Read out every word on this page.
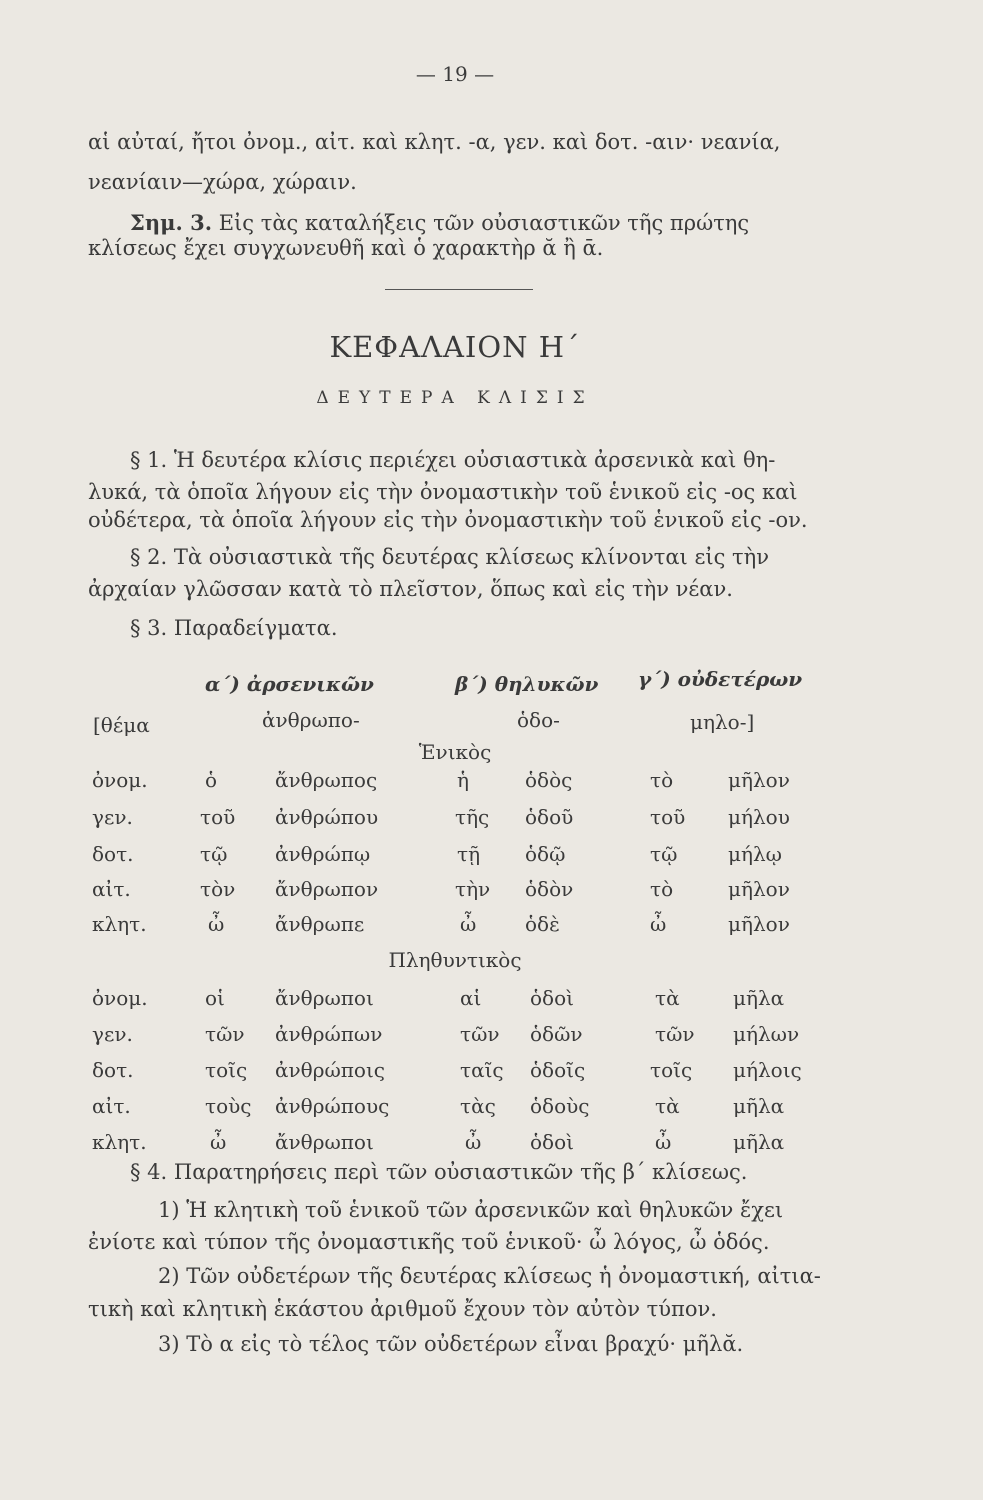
— 19 —
αἱ αὐταί, ἤτοι ὀνομ., αἰτ. καὶ κλητ. -α, γεν. καὶ δοτ. -αιν· νεανία,
νεανίαιν—χώρα, χώραιν.
Σημ. 3. Εἰς τὰς καταλήξεις τῶν οὐσιαστικῶν τῆς πρώτης
κλίσεως ἔχει συγχωνευθῆ καὶ ὁ χαρακτὴρ ᾰ ἢ ᾱ.
ΚΕΦΑΛΑΙΟΝ Η΄
ΔΕΥΤΕΡΑ ΚΛΙΣΙΣ
§ 1. Ἡ δευτέρα κλίσις περιέχει οὐσιαστικὰ ἀρσενικὰ καὶ θη-
λυκά, τὰ ὁποῖα λήγουν εἰς τὴν ὀνομαστικὴν τοῦ ἑνικοῦ εἰς -ος καὶ
οὐδέτερα, τὰ ὁποῖα λήγουν εἰς τὴν ὀνομαστικὴν τοῦ ἑνικοῦ εἰς -ον.
§ 2. Τὰ οὐσιαστικὰ τῆς δευτέρας κλίσεως κλίνονται εἰς τὴν
ἀρχαίαν γλῶσσαν κατὰ τὸ πλεῖστον, ὅπως καὶ εἰς τὴν νέαν.
§ 3. Παραδείγματα.
α΄) ἀρσενικῶν	β΄) θηλυκῶν γ΄) οὐδετέρων
[θέμα	ἀνθρωπο-	ὁδο-	μηλο-]
Ἑνικὸς
ὀνομ.	ὁ	ἄνθρωπος	ἡ	ὁδὸς	τὸ	μῆλον
γεν.	τοῦ ἀνθρώπου	τῆς ὁδοῦ	τοῦ μήλου
δοτ.	τῷ ἀνθρώπῳ	τῇ ὁδῷ	τῷ	μήλῳ
αἰτ.	τὸν ἄνθρωπον	τὴν ὁδὸν	τὸ	μῆλον
κλητ.	ὦ	ἄνθρωπε	ὦ ὁδὲ	ὦ	μῆλον
Πληθυντικὸς
ὀνομ.	οἱ	ἄνθρωποι	αἱ ὁδοὶ	τὰ	μῆλα
γεν.	τῶν ἀνθρώπων	τῶν ὁδῶν	τῶν μήλων
δοτ.	τοῖς ἀνθρώποις	ταῖς ὁδοῖς	τοῖς μήλοις
αἰτ.	τοὺς ἀνθρώπους	τὰς ὁδοὺς	τὰ	μῆλα
κλητ.	ὦ ἄνθρωποι	ὦ ὁδοὶ	ὦ	μῆλα
§ 4. Παρατηρήσεις περὶ τῶν οὐσιαστικῶν τῆς β΄ κλίσεως.
1) Ἡ κλητικὴ τοῦ ἑνικοῦ τῶν ἀρσενικῶν καὶ θηλυκῶν ἔχει
ἐνίοτε καὶ τύπον τῆς ὀνομαστικῆς τοῦ ἑνικοῦ· ὦ λόγος, ὦ ὁδός.
2) Τῶν οὐδετέρων τῆς δευτέρας κλίσεως ἡ ὀνομαστική, αἰτια-
τικὴ καὶ κλητικὴ ἑκάστου ἀριθμοῦ ἔχουν τὸν αὐτὸν τύπον.
3) Τὸ α εἰς τὸ τέλος τῶν οὐδετέρων εἶναι βραχύ· μῆλᾰ.
